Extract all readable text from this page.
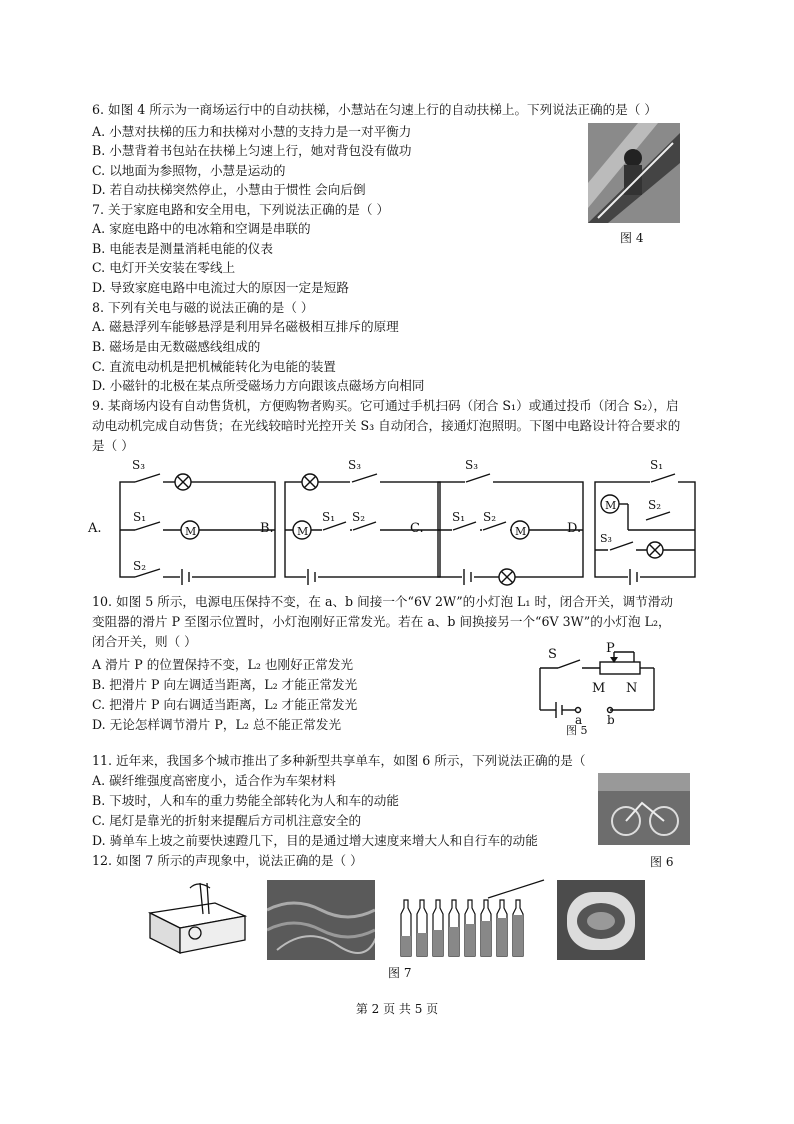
6. 如图 4 所示为一商场运行中的自动扶梯，小慧站在匀速上行的自动扶梯上。下列说法正确的是（ ）
A. 小慧对扶梯的压力和扶梯对小慧的支持力是一对平衡力
B. 小慧背着书包站在扶梯上匀速上行，她对背包没有做功
C. 以地面为参照物，小慧是运动的
D. 若自动扶梯突然停止，小慧由于惯性 会向后倒
图 4
7. 关于家庭电路和安全用电，下列说法正确的是（ ）
A. 家庭电路中的电冰箱和空调是串联的
B. 电能表是测量消耗电能的仪表
C. 电灯开关安装在零线上
D. 导致家庭电路中电流过大的原因一定是短路
8. 下列有关电与磁的说法正确的是（ ）
A. 磁悬浮列车能够悬浮是利用异名磁极相互排斥的原理
B. 磁场是由无数磁感线组成的
C. 直流电动机是把机械能转化为电能的装置
D. 小磁针的北极在某点所受磁场力方向跟该点磁场方向相同
9. 某商场内设有自动售货机，方便购物者购买。它可通过手机扫码（闭合 S₁）或通过投币（闭合 S₂），启
动电动机完成自动售货；在光线较暗时光控开关 S₃ 自动闭合，接通灯泡照明。下图中电路设计符合要求的
是（ ）
A.
S₃
S₁
M
S₂
B.
S₃
M
S₁ S₂
C.
S₃
S₁ S₂
M	D.
M
S₁
S₂
S₃
10. 如图 5 所示，电源电压保持不变，在 a、b 间接一个“6V 2W”的小灯泡 L₁ 时，闭合开关，调节滑动
变阻器的滑片 P 至图示位置时，小灯泡刚好正常发光。若在 a、b 间换接另一个“6V 3W”的小灯泡 L₂，
闭合开关，则（ ）
A 滑片 P 的位置保持不变，L₂ 也刚好正常发光
B. 把滑片 P 向左调适当距离，L₂ 才能正常发光
C. 把滑片 P 向右调适当距离，L₂ 才能正常发光
D. 无论怎样调节滑片 P，L₂ 总不能正常发光
S	P
M N
a b
图 5
11. 近年来，我国多个城市推出了多种新型共享单车，如图 6 所示，下列说法正确的是（
A. 碳纤维强度高密度小，适合作为车架材料
B. 下坡时，人和车的重力势能全部转化为人和车的动能
C. 尾灯是靠光的折射来提醒后方司机注意安全的
D. 骑单车上坡之前要快速蹬几下，目的是通过增大速度来增大人和自行车的动能
图 6
12. 如图 7 所示的声现象中，说法正确的是（ ）
图 7
第 2 页 共 5 页
